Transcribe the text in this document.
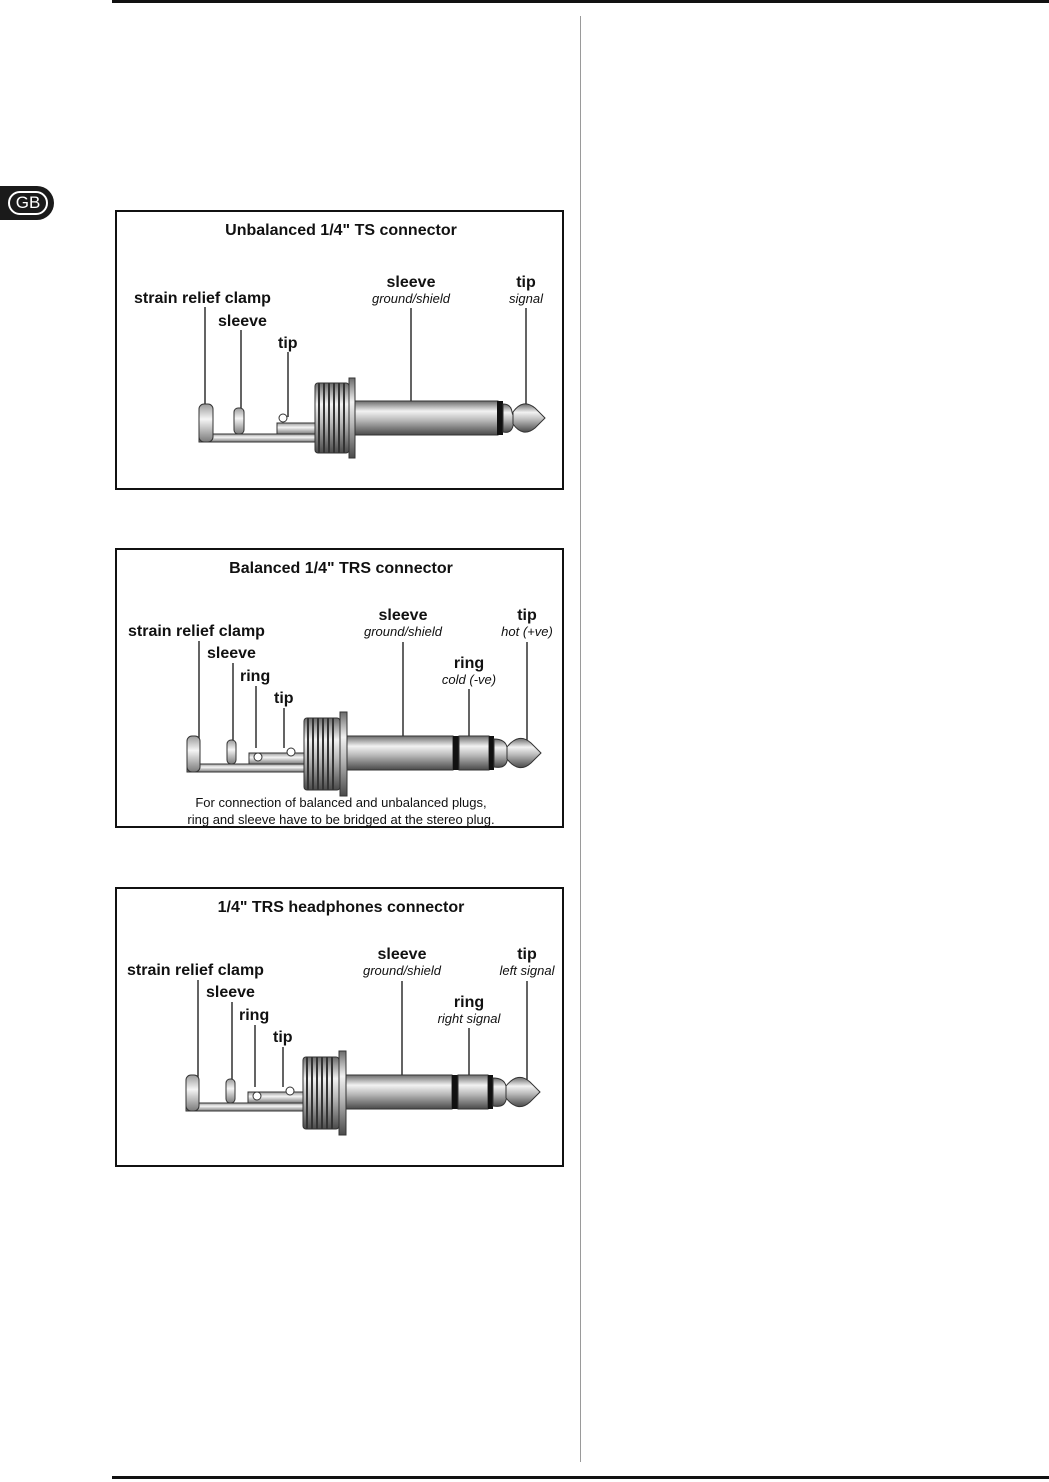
GB
Unbalanced 1/4" TS connector
strain relief clamp
sleeve
tip
sleeve
ground/shield
tip
signal
Balanced 1/4" TRS connector
strain relief clamp
sleeve
ring
tip
sleeve
ground/shield
ring
cold (-ve)
tip
hot (+ve)
For connection of balanced and unbalanced plugs,
ring and sleeve have to be bridged at the stereo plug.
1/4" TRS headphones connector
strain relief clamp
sleeve
ring
tip
sleeve
ground/shield
ring
right signal
tip
left signal
